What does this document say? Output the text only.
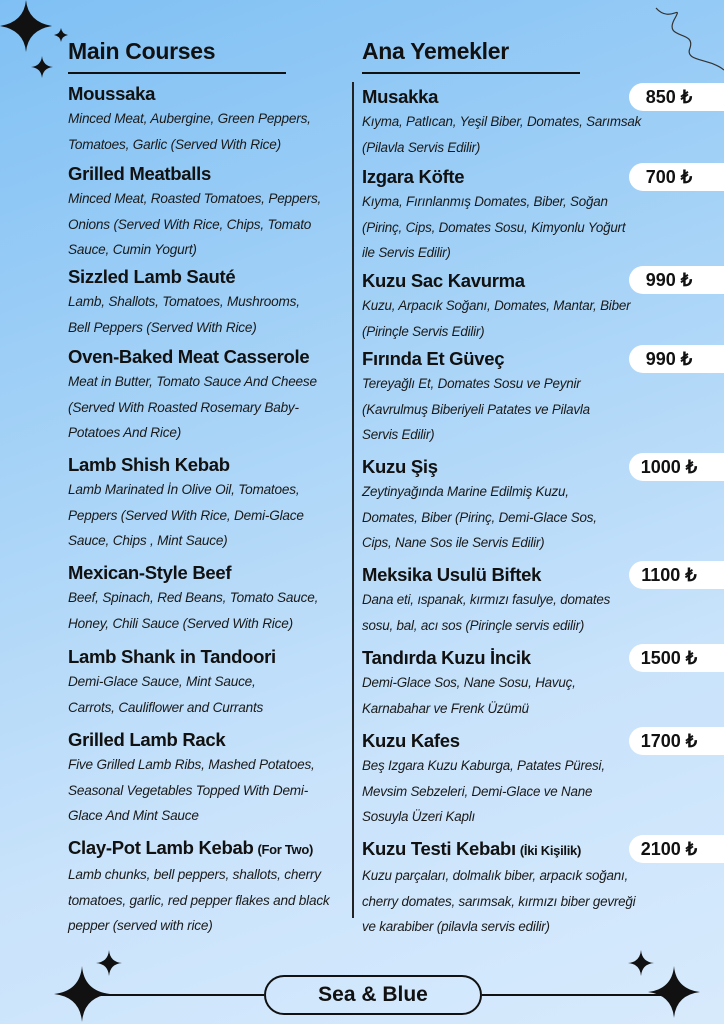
Main Courses
Moussaka
Minced Meat, Aubergine, Green Peppers, Tomatoes, Garlic (Served With Rice)
Grilled Meatballs
Minced Meat, Roasted Tomatoes, Peppers, Onions (Served With Rice, Chips, Tomato Sauce, Cumin Yogurt)
Sizzled Lamb Sauté
Lamb, Shallots, Tomatoes, Mushrooms, Bell Peppers (Served With Rice)
Oven-Baked Meat Casserole
Meat in Butter, Tomato Sauce And Cheese (Served With Roasted Rosemary Baby-Potatoes And Rice)
Lamb Shish Kebab
Lamb Marinated İn Olive Oil, Tomatoes, Peppers (Served With Rice, Demi-Glace Sauce, Chips , Mint Sauce)
Mexican-Style Beef
Beef, Spinach, Red Beans, Tomato Sauce, Honey, Chili Sauce (Served With Rice)
Lamb Shank in Tandoori
Demi-Glace Sauce, Mint Sauce, Carrots, Cauliflower and Currants
Grilled Lamb Rack
Five Grilled Lamb Ribs, Mashed Potatoes, Seasonal Vegetables Topped With Demi-Glace And Mint Sauce
Clay-Pot Lamb Kebab (For Two)
Lamb chunks, bell peppers, shallots, cherry tomatoes, garlic, red pepper flakes and black pepper (served with rice)
Ana Yemekler
Musakka
Kıyma, Patlıcan, Yeşil Biber, Domates, Sarımsak (Pilavla Servis Edilir)
Izgara Köfte
Kıyma, Fırınlanmış Domates, Biber, Soğan (Pirinç, Cips, Domates Sosu, Kimyonlu Yoğurt ile Servis Edilir)
Kuzu Sac Kavurma
Kuzu, Arpacık Soğanı, Domates, Mantar, Biber (Pirinçle Servis Edilir)
Fırında Et Güveç
Tereyağlı Et, Domates Sosu ve Peynir (Kavrulmuş Biberiyeli Patates ve Pilavla Servis Edilir)
Kuzu Şiş
Zeytinyağında Marine Edilmiş Kuzu, Domates, Biber (Pirinç, Demi-Glace Sos, Cips, Nane Sos ile Servis Edilir)
Meksika Usulü Biftek
Dana eti, ıspanak, kırmızı fasulye, domates sosu, bal, acı sos (Pirinçle servis edilir)
Tandırda Kuzu İncik
Demi-Glace Sos, Nane Sosu, Havuç, Karnabahar ve Frenk Üzümü
Kuzu Kafes
Beş Izgara Kuzu Kaburga, Patates Püresi, Mevsim Sebzeleri, Demi-Glace ve Nane Sosuyla Üzeri Kaplı
Kuzu Testi Kebabı (İki Kişilik)
Kuzu parçaları, dolmalık biber, arpacık soğanı, cherry domates, sarımsak, kırmızı biber gevreği ve karabiber (pilavla servis edilir)
850 ₺
700 ₺
990 ₺
990 ₺
1000 ₺
1100 ₺
1500 ₺
1700 ₺
2100 ₺
Sea & Blue
